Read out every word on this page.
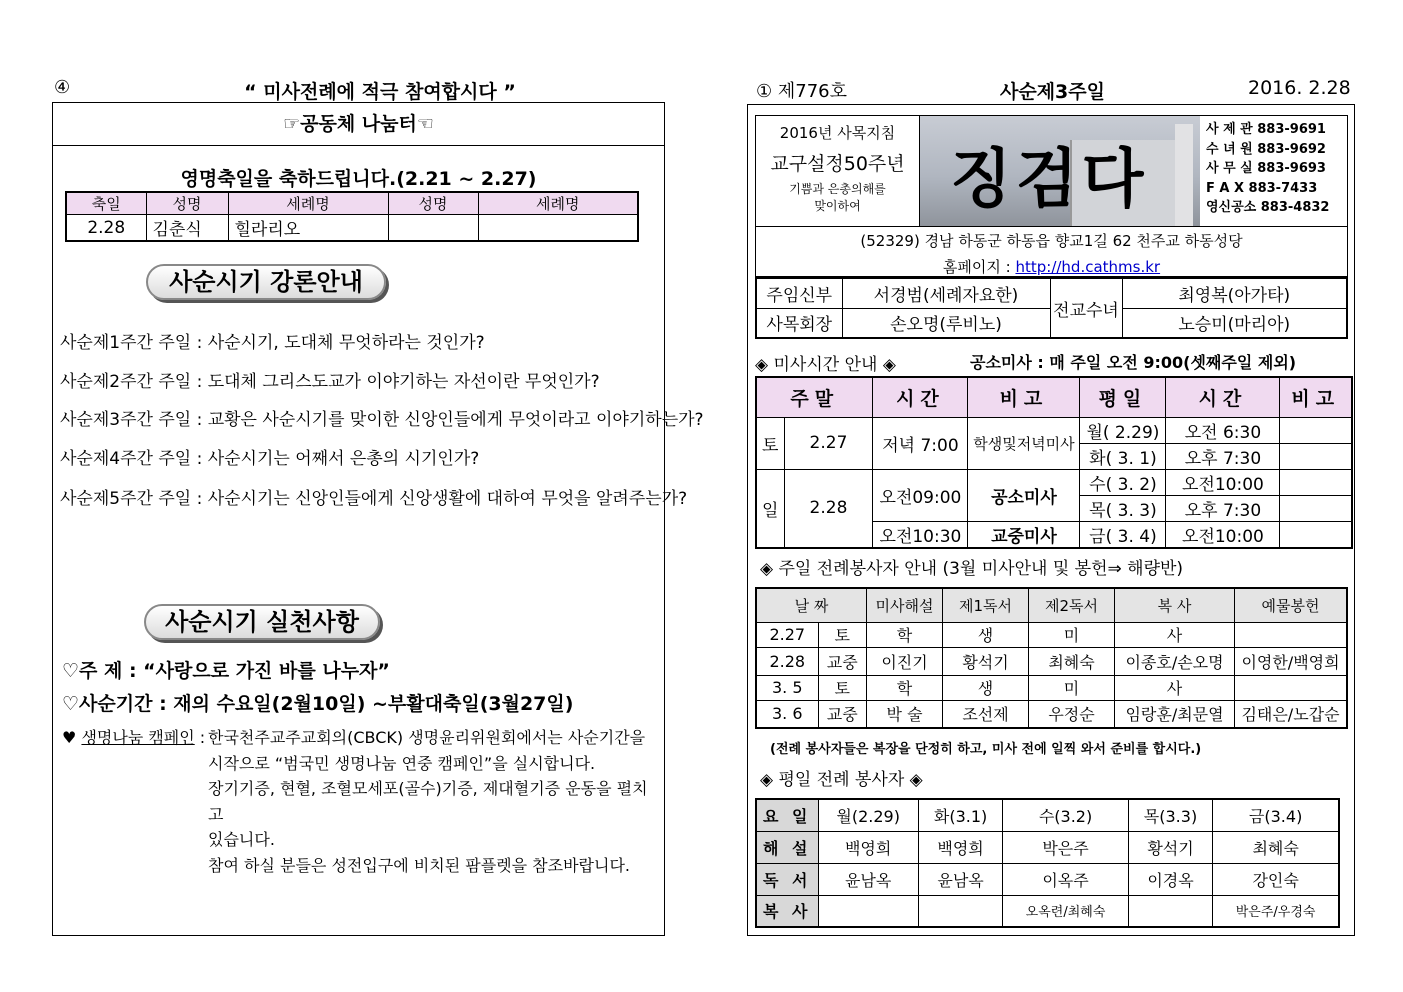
④	“ 미사전례에 적극 참여합시다 ”
☞공동체 나눔터☜
영명축일을 축하드립니다.(2.21 ~ 2.27)
축일	성명	세례명	성명	세례명
2.28	김춘식	힐라리오		
사순시기 강론안내
사순제1주간 주일 : 사순시기, 도대체 무엇하라는 것인가?
사순제2주간 주일 : 도대체 그리스도교가 이야기하는 자선이란 무엇인가?
사순제3주간 주일 : 교황은 사순시기를 맞이한 신앙인들에게 무엇이라고 이야기하는가?
사순제4주간 주일 : 사순시기는 어째서 은총의 시기인가?
사순제5주간 주일 : 사순시기는 신앙인들에게 신앙생활에 대하여 무엇을 알려주는가?
사순시기 실천사항
♡주 제 : “사랑으로 가진 바를 나누자”
♡사순기간 : 재의 수요일(2월10일) ~부활대축일(3월27일)
♥ 생명나눔 캠페인 : 한국천주교주교회의(CBCK) 생명윤리위원회에서는 사순기간을
시작으로 “범국민 생명나눔 연중 캠페인”을 실시합니다.
장기기증, 현혈, 조혈모세포(골수)기증, 제대혈기증 운동을 펼치고
있습니다.
참여 하실 분들은 성전입구에 비치된 팜플렛을 참조바랍니다.
① 제776호	사순제3주일	2016. 2.28
2016년 사목지침
교구설정50주년
기쁨과 은총의해를
맞이하여	징검다
사 제 관 883-9691
수 녀 원 883-9692
사 무 실 883-9693
F A X 883-7433
영신공소 883-4832
(52329) 경남 하동군 하동읍 향교1길 62 천주교 하동성당
홈페이지 : http://hd.cathms.kr
주임신부	서경범(세례자요한)	전교수녀	최영복(아가타)
사목회장	손오명(루비노)		노승미(마리아)
◈ 미사시간 안내 ◈	공소미사 : 매 주일 오전 9:00(셋째주일 제외)
주말		시간	비고	평일	시간	비고
토	2.27	저녁 7:00	학생및저녁미사	월( 2.29)	오전 6:30	
				화( 3. 1)	오후 7:30	
일	2.28	오전09:00	공소미사	수( 3. 2)	오전10:00	
				목( 3. 3)	오후 7:30	
		오전10:30	교중미사	금( 3. 4)	오전10:00	
◈ 주일 전례봉사자 안내 (3월 미사안내 및 봉헌⇒ 해량반)
날 짜		미사해설	제1독서	제2독서	복 사	예물봉헌
2.27	토	학	생	미	사	
2.28	교중	이진기	황석기	최혜숙	이종호/손오명	이영한/백영희
3. 5	토	학	생	미	사	
3. 6	교중	박 술	조선제	우정순	임랑훈/최문열	김태은/노갑순
(전례 봉사자들은 복장을 단정히 하고, 미사 전에 일찍 와서 준비를 합시다.)
◈ 평일 전례 봉사자 ◈
요 일	월(2.29)	화(3.1)	수(3.2)	목(3.3)	금(3.4)
해 설	백영희	백영희	박은주	황석기	최혜숙
독 서	윤남옥	윤남옥	이옥주	이경옥	강인숙
복 사			오옥련/최혜숙		박은주/우경숙
